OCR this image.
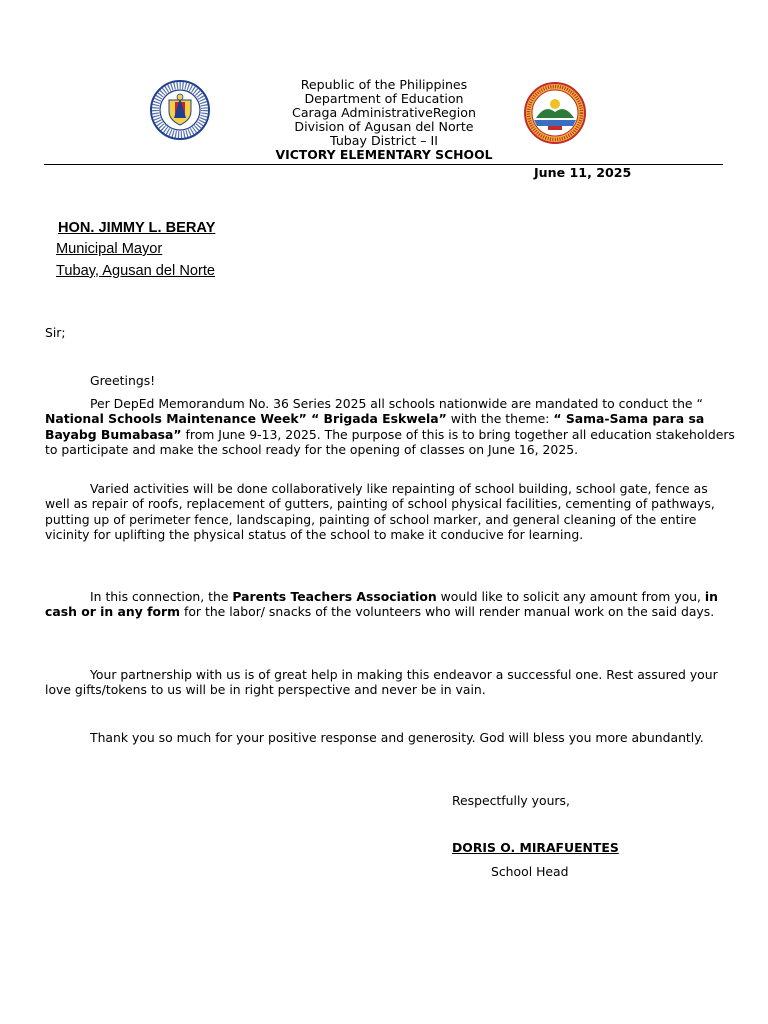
Republic of the Philippines
Department of Education
Caraga AdministrativeRegion
Division of Agusan del Norte
Tubay District – II
VICTORY ELEMENTARY SCHOOL
June 11, 2025
HON. JIMMY L. BERAY
Municipal Mayor
Tubay, Agusan del Norte
Sir;
Greetings!
Per DepEd Memorandum No. 36 Series 2025 all schools nationwide are mandated to conduct the “ National Schools Maintenance Week” “ Brigada Eskwela” with the theme: “ Sama-Sama para sa Bayabg Bumabasa” from June 9-13, 2025. The purpose of this is to bring together all education stakeholders to participate and make the school ready for the opening of classes on June 16, 2025.
Varied activities will be done collaboratively like repainting of school building, school gate, fence as well as repair of roofs, replacement of gutters, painting of school physical facilities, cementing of pathways, putting up of perimeter fence, landscaping, painting of school marker, and general cleaning of the entire vicinity for uplifting the physical status of the school to make it conducive for learning.
In this connection, the Parents Teachers Association would like to solicit any amount from you, in cash or in any form for the labor/ snacks of the volunteers who will render manual work on the said days.
Your partnership with us is of great help in making this endeavor a successful one. Rest assured your love gifts/tokens to us will be in right perspective and never be in vain.
Thank you so much for your positive response and generosity. God will bless you more abundantly.
Respectfully yours,
DORIS O. MIRAFUENTES
School Head
